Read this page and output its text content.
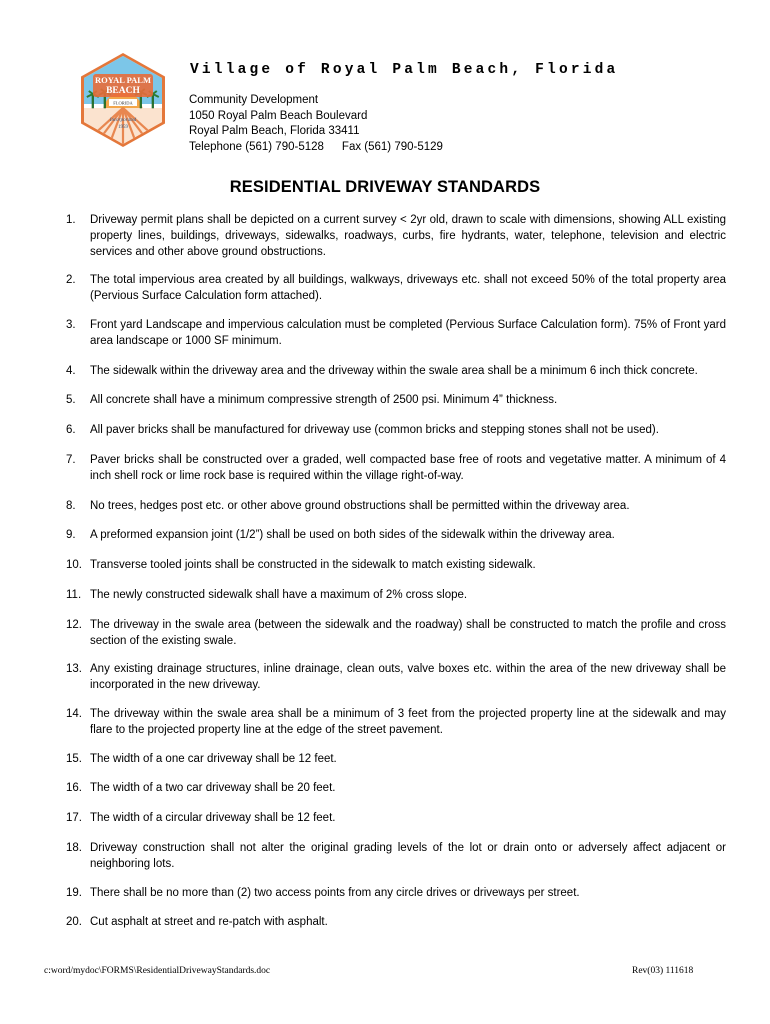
ROYAL PALM
BEACH
FLORIDA
Incorporated
1959
Village of Royal Palm Beach, Florida
Community Development
1050 Royal Palm Beach Boulevard
Royal Palm Beach, Florida 33411
Telephone (561) 790-5128 Fax (561) 790-5129
RESIDENTIAL DRIVEWAY STANDARDS
1.	Driveway permit plans shall be depicted on a current survey < 2yr old, drawn to scale with dimensions, showing ALL existing property lines, buildings, driveways, sidewalks, roadways, curbs, fire hydrants, water, telephone, television and electric services and other above ground obstructions.
2.	The total impervious area created by all buildings, walkways, driveways etc. shall not exceed 50% of the total property area (Pervious Surface Calculation form attached).
3.	Front yard Landscape and impervious calculation must be completed (Pervious Surface Calculation form). 75% of Front yard area landscape or 1000 SF minimum.
4.	The sidewalk within the driveway area and the driveway within the swale area shall be a minimum 6 inch thick concrete.
5.	All concrete shall have a minimum compressive strength of 2500 psi. Minimum 4” thickness.
6.	All paver bricks shall be manufactured for driveway use (common bricks and stepping stones shall not be used).
7.	Paver bricks shall be constructed over a graded, well compacted base free of roots and vegetative matter. A minimum of 4 inch shell rock or lime rock base is required within the village right-of-way.
8.	No trees, hedges post etc. or other above ground obstructions shall be permitted within the driveway area.
9.	A preformed expansion joint (1/2”) shall be used on both sides of the sidewalk within the driveway area.
10. Transverse tooled joints shall be constructed in the sidewalk to match existing sidewalk.
11. The newly constructed sidewalk shall have a maximum of 2% cross slope.
12. The driveway in the swale area (between the sidewalk and the roadway) shall be constructed to match the profile and cross section of the existing swale.
13. Any existing drainage structures, inline drainage, clean outs, valve boxes etc. within the area of the new driveway shall be incorporated in the new driveway.
14. The driveway within the swale area shall be a minimum of 3 feet from the projected property line at the sidewalk and may flare to the projected property line at the edge of the street pavement.
15. The width of a one car driveway shall be 12 feet.
16. The width of a two car driveway shall be 20 feet.
17. The width of a circular driveway shall be 12 feet.
18. Driveway construction shall not alter the original grading levels of the lot or drain onto or adversely affect adjacent or neighboring lots.
19. There shall be no more than (2) two access points from any circle drives or driveways per street.
20. Cut asphalt at street and re-patch with asphalt.
c:word/mydoc\FORMS\ResidentialDrivewayStandards.doc	Rev(03) 111618
